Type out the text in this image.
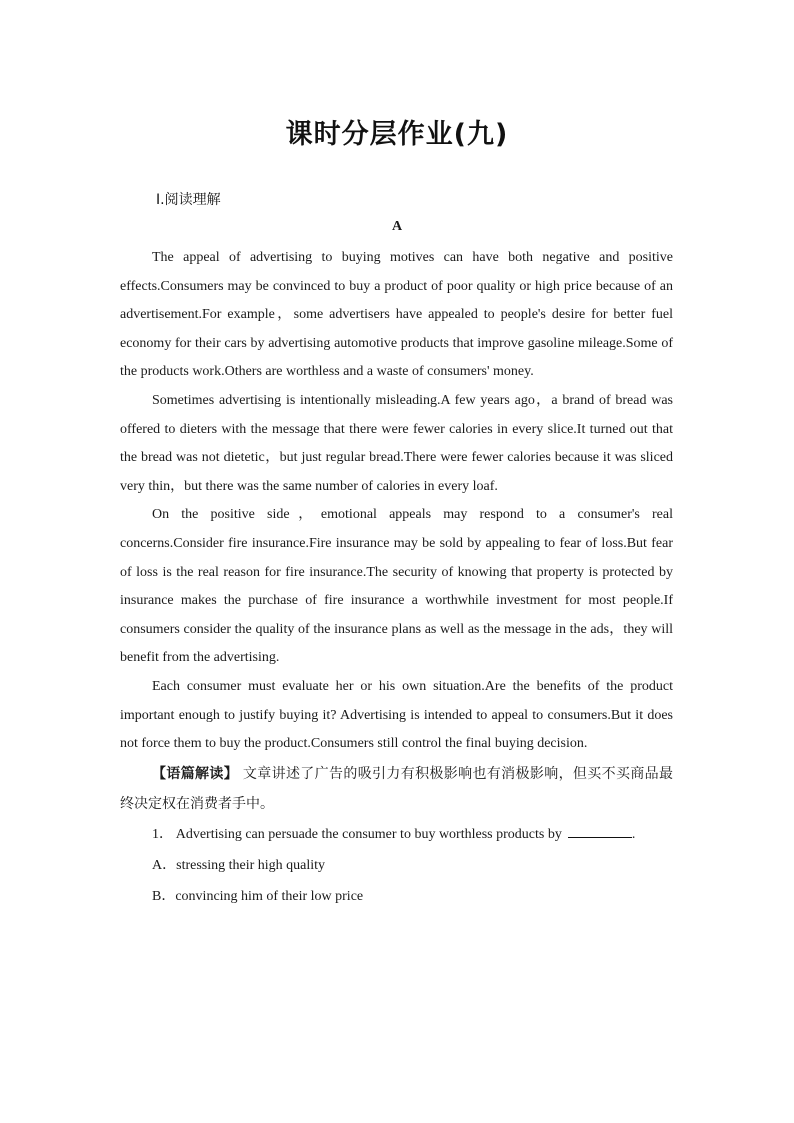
课时分层作业(九)
Ⅰ.阅读理解
A

The appeal of advertising to buying motives can have both negative and positive effects.Consumers may be convinced to buy a product of poor quality or high price because of an advertisement.For example，some advertisers have appealed to people's desire for better fuel economy for their cars by advertising automotive products that improve gasoline mileage.Some of the products work.Others are worthless and a waste of consumers' money.

Sometimes advertising is intentionally misleading.A few years ago，a brand of bread was offered to dieters with the message that there were fewer calories in every slice.It turned out that the bread was not dietetic，but just regular bread.There were fewer calories because it was sliced very thin，but there was the same number of calories in every loaf.

On the positive side，emotional appeals may respond to a consumer's real concerns.Consider fire insurance.Fire insurance may be sold by appealing to fear of loss.But fear of loss is the real reason for fire insurance.The security of knowing that property is protected by insurance makes the purchase of fire insurance a worthwhile investment for most people.If consumers consider the quality of the insurance plans as well as the message in the ads，they will benefit from the advertising.

Each consumer must evaluate her or his own situation.Are the benefits of the product important enough to justify buying it? Advertising is intended to appeal to consumers.But it does not force them to buy the product.Consumers still control the final buying decision.

【语篇解读】 文章讲述了广告的吸引力有积极影响也有消极影响，但买不买商品最终决定权在消费者手中。

1． Advertising can persuade the consumer to buy worthless products by	.

A．stressing their high quality

B．convincing him of their low price
